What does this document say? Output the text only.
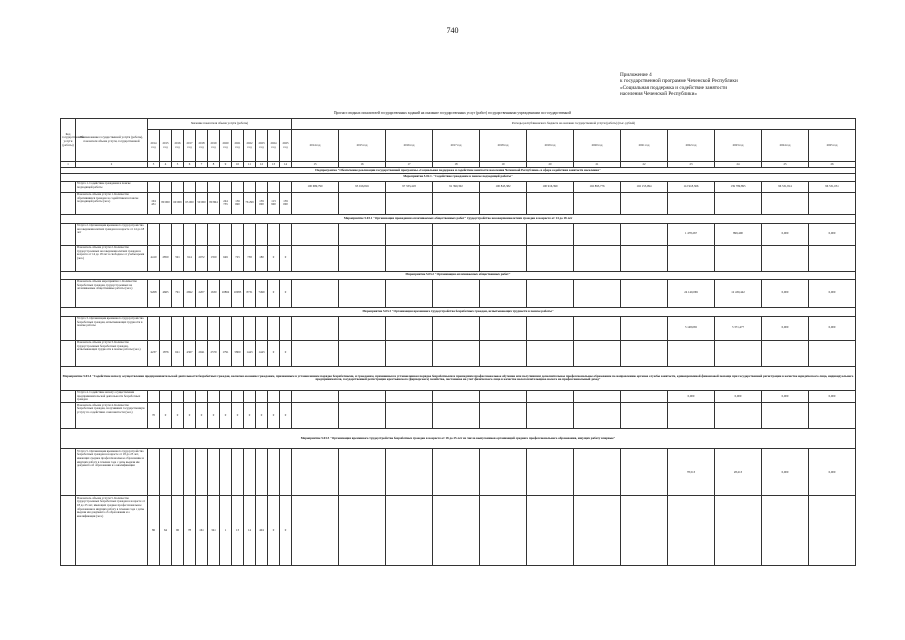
740
Приложение 4
к государственной программе Чеченской Республики
«Социальная поддержка и содействие занятости
населения Чеченской Республики»
Прогноз сводных показателей государственных заданий на оказание государственных услуг (работ) государственными учреждениями по государственной
Код государственной услуги (работы)	Наименование государственной услуги (работы), показателя объема услуги, государственной	Значение показателя объема услуги (работы)												Расходы республиканского бюджета на оказание государственной услуги (работы) (тыс. рублей)											
		2014 год	2015 год	2016 год	2017 год	2018 год	2019 год	2020 год	2021 год	2022 год	2023 год	2024 год	2025 год	2014 год	2015 год	2016 год	2017 год	2018 год	2019 год	2020 год	2021 год	2022 год	2023 год	2024 год	2025 год
1	2	3	4	5	6	7	8	9	10	11	12	13	14	15	16	17	18	19	20	21	22	23	24	25	26
Подпрограмма "Обеспечение реализации государственной программы «Социальная поддержка и содействие занятости населения Чеченской Республики» в сфере содействия занятости населения"																									
Мероприятие 5.02.1. "Содействие гражданам в поиске подходящей работы"																									
	Услуга 1. Содействие гражданам в поиске подходящей работы													100 689,790	95 916,816	97 333,418	91 390,302	100 845,382	100 916,399	102 893,776	102 153,994	112 918,366	139 789,895	96 531,814	96 531,051
	Показатель объема услуги 1. Количество обратившихся граждан за содействием в поиске подходящей работы (чел.)	104 431	80 000	69 009	65 000	59 000	80 864	244 735	156 690	76 299	159 000	113 900	159 000												
Мероприятие 5.03.1 "Организация проведения оплачиваемых общественных работ" трудоустройство несовершеннолетних граждан в возрасте от 14 до 18 лет																									
	Услуга 2. Организация временного трудоустройства несовершеннолетних граждан в возрасте от 14 до 18 лет																					1 478,267	899,400	0,000	0,000
	Показатель объема услуги 2. Количество трудоустроенных несовершеннолетних граждан в возрасте от 14 до 18 лет в свободное от учебы время (чел.)	4410	2850	591	914	2072	1350	649	725	758	180	0	0												
Мероприятие 5.03.2 "Организация оплачиваемых общественных работ"																									
	Показатель объема мероприятия 1. Количество безработных граждан, трудоустроенных на оплачиваемые общественные работы (чел.)	9268	4665	791	2692	2207	1630	10862	10083	8731	7499	0	0									24 140,069	12 430,442	0,000	0,000
Мероприятие 5.03.3 "Организация временного трудоустройства безработных граждан, испытывающих трудности в поиске работы"																									
	Услуга 3. Организация временного трудоустройства безработных граждан, испытывающих трудности в поиске работы																					5 148,065	5 371,477	0,000	0,000
	Показатель объема услуги 3. Количество трудоустроенных безработных граждан, испытывающих трудности в поиске работы (чел.)	4237	1876	621	4367	2941	2579	1791	5800	1443	1443	0	0												
Мероприятие 5.03.4 "Содействие началу осуществления предпринимательской деятельности безработных граждан, включая оказание гражданам, признанным в установленном порядке безработными, и гражданам, признанным в установленном порядке безработными и прошедшим профессиональное обучение или получившим дополнительное профессиональное образование по направлению органов службы занятости, единовременной финансовой помощи при государственной регистрации в качестве юридического лица, индивидуального предпринимателя, государственной регистрации крестьянского (фермерского) хозяйства, постановке на учет физического лица в качестве налогоплательщика налога на профессиональный доход"																									
	Услуга 4. Содействие началу осуществления предпринимательской деятельности безработных граждан																					0,000	0,000	0,000	0,000
	Показатель объема услуги 4. Количество безработных граждан, получивших государственную услугу по содействию самозанятости (чел.)	70	0	0	0	0	0	0	0	0	0	0	0												
Мероприятие 5.03.5 "Организация временного трудоустройства безработных граждан в возрасте от 18 до 25 лет из числа выпускников организаций среднего профессионального образования, ищущих работу впервые"																									
	Услуга 5. Организация временного трудоустройства безработных граждан в возрасте от 18 до 25 лет, имеющих среднее профессиональное образование и ищущих работу в течение года с даты выдачи им документа об образовании и о квалификации																					78,513	28,213	0,000	0,000
	Показатель объема услуги 5. Количество трудоустроенных безработных граждан в возрасте от 18 до 25 лет, имеющих среднее профессиональное образование и ищущих работу в течение года с даты выдачи им документа об образовании и о квалификации (чел.)	86	64	96	78	161	341	1	13	14	404	0	0												
